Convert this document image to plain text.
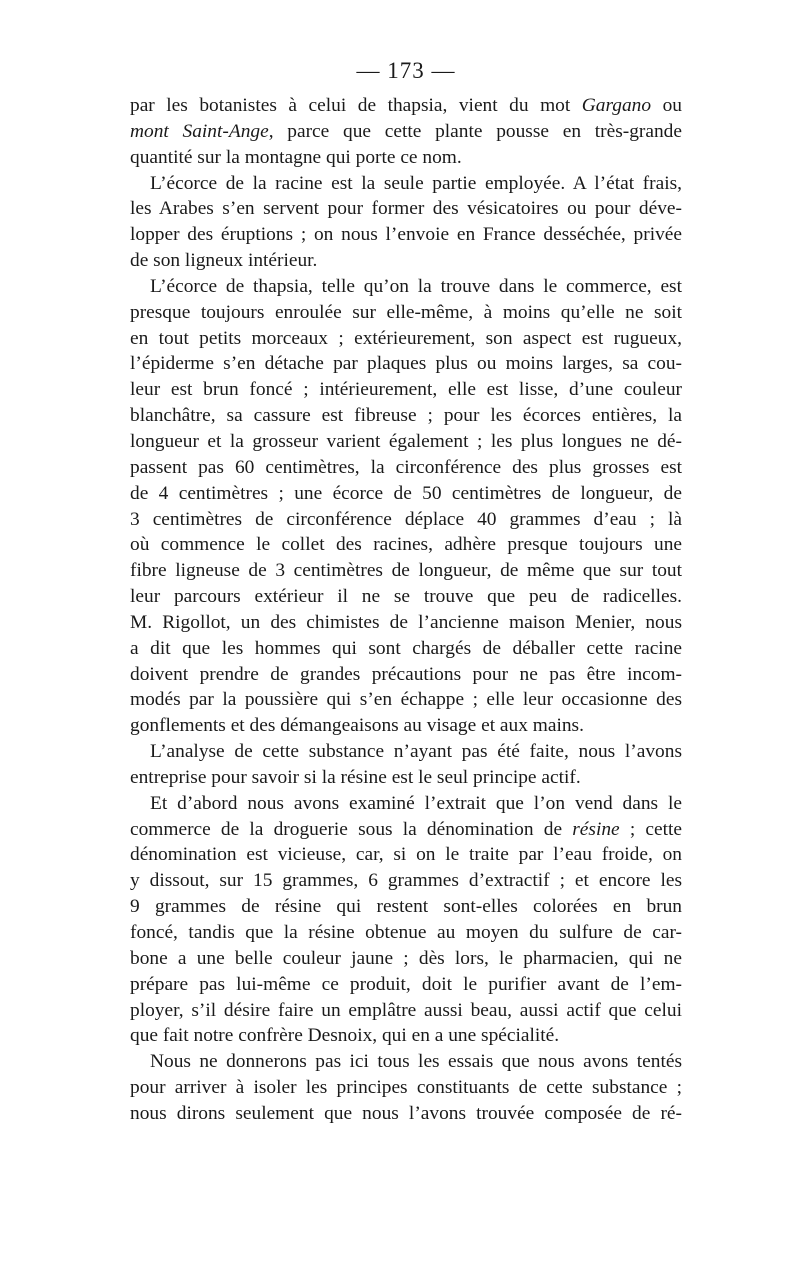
— 173 —

par les botanistes à celui de thapsia, vient du mot Gargano ou
mont Saint-Ange, parce que cette plante pousse en très-grande
quantité sur la montagne qui porte ce nom.

L’écorce de la racine est la seule partie employée. A l’état frais,
les Arabes s’en servent pour former des vésicatoires ou pour déve-
lopper des éruptions ; on nous l’envoie en France desséchée, privée
de son ligneux intérieur.

L’écorce de thapsia, telle qu’on la trouve dans le commerce, est
presque toujours enroulée sur elle-même, à moins qu’elle ne soit
en tout petits morceaux ; extérieurement, son aspect est rugueux,
l’épiderme s’en détache par plaques plus ou moins larges, sa cou-
leur est brun foncé ; intérieurement, elle est lisse, d’une couleur
blanchâtre, sa cassure est fibreuse ; pour les écorces entières, la
longueur et la grosseur varient également ; les plus longues ne dé-
passent pas 60 centimètres, la circonférence des plus grosses est
de 4 centimètres ; une écorce de 50 centimètres de longueur, de
3 centimètres de circonférence déplace 40 grammes d’eau ; là
où commence le collet des racines, adhère presque toujours une
fibre ligneuse de 3 centimètres de longueur, de même que sur tout
leur parcours extérieur il ne se trouve que peu de radicelles.
M. Rigollot, un des chimistes de l’ancienne maison Menier, nous
a dit que les hommes qui sont chargés de déballer cette racine
doivent prendre de grandes précautions pour ne pas être incom-
modés par la poussière qui s’en échappe ; elle leur occasionne des
gonflements et des démangeaisons au visage et aux mains.

L’analyse de cette substance n’ayant pas été faite, nous l’avons
entreprise pour savoir si la résine est le seul principe actif.

Et d’abord nous avons examiné l’extrait que l’on vend dans le
commerce de la droguerie sous la dénomination de résine ; cette
dénomination est vicieuse, car, si on le traite par l’eau froide, on
y dissout, sur 15 grammes, 6 grammes d’extractif ; et encore les
9 grammes de résine qui restent sont-elles colorées en brun
foncé, tandis que la résine obtenue au moyen du sulfure de car-
bone a une belle couleur jaune ; dès lors, le pharmacien, qui ne
prépare pas lui-même ce produit, doit le purifier avant de l’em-
ployer, s’il désire faire un emplâtre aussi beau, aussi actif que celui
que fait notre confrère Desnoix, qui en a une spécialité.

Nous ne donnerons pas ici tous les essais que nous avons tentés
pour arriver à isoler les principes constituants de cette substance ;
nous dirons seulement que nous l’avons trouvée composée de ré-
